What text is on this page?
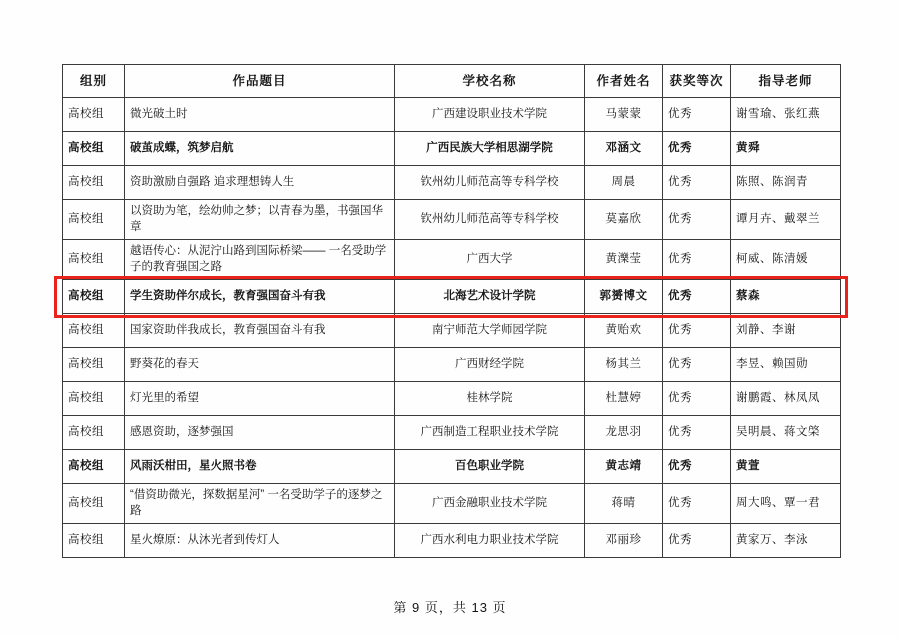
组别	作品题目	学校名称	作者姓名	获奖等次	指导老师
高校组	微光破土时	广西建设职业技术学院	马蒙蒙	优秀	谢雪瑜、张红燕
高校组	破茧成蝶，筑梦启航	广西民族大学相思湖学院	邓涵文	优秀	黄舜
高校组	资助激励自强路 追求理想铸人生	钦州幼儿师范高等专科学校	周晨	优秀	陈照、陈润青
高校组	以资助为笔，绘幼帅之梦；以青春为墨，书强国华章	钦州幼儿师范高等专科学校	莫嘉欣	优秀	谭月卉、戴翠兰
高校组	越语传心：从泥泞山路到国际桥梁—— 一名受助学子的教育强国之路	广西大学	黄濼莹	优秀	柯威、陈清媛
高校组	学生资助伴尔成长，教育强国奋斗有我	北海艺术设计学院	郭赟博文	优秀	蔡森
高校组	国家资助伴我成长，教育强国奋斗有我	南宁师范大学师园学院	黄贻欢	优秀	刘静、李谢
高校组	野葵花的春天	广西财经学院	杨其兰	优秀	李昱、赖国勋
高校组	灯光里的希望	桂林学院	杜慧婷	优秀	谢鹏霞、林凤凤
高校组	感恩资助，逐梦强国	广西制造工程职业技术学院	龙思羽	优秀	吴明晨、蒋文棨
高校组	风雨沃柑田，星火照书卷	百色职业学院	黄志靖	优秀	黄萱
高校组	“借资助微光，探数据星河” 一名受助学子的逐梦之路	广西金融职业技术学院	蒋晴	优秀	周大鸣、覃一君
高校组	星火燎原：从沐光者到传灯人	广西水利电力职业技术学院	邓丽珍	优秀	黄家万、李泳
第 9 页，共 13 页
